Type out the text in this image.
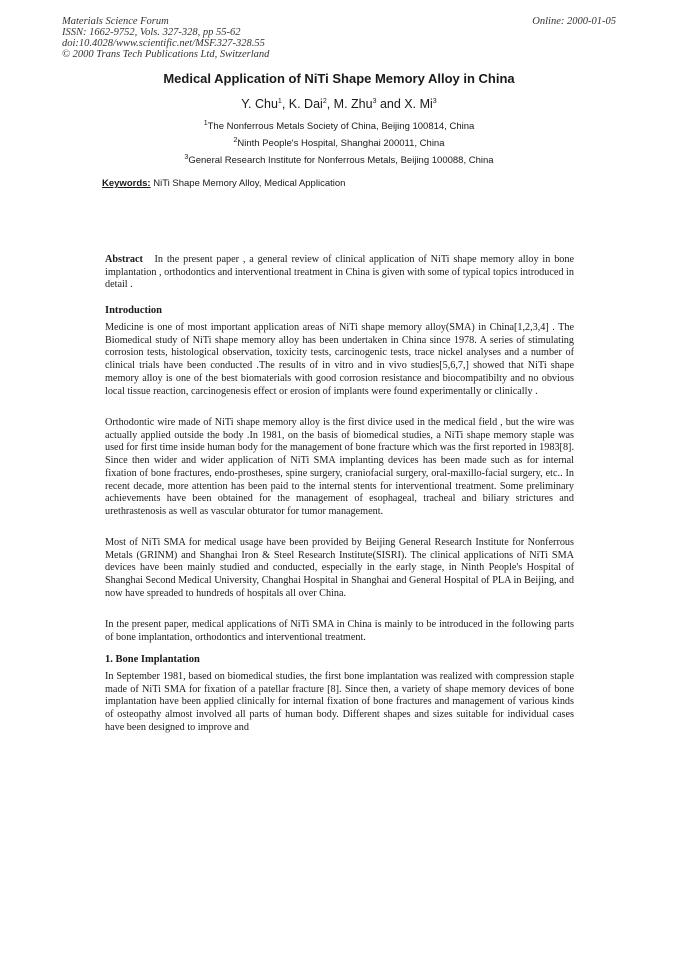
Materials Science Forum
ISSN: 1662-9752, Vols. 327-328, pp 55-62
doi:10.4028/www.scientific.net/MSF.327-328.55
© 2000 Trans Tech Publications Ltd, Switzerland
Online: 2000-01-05
Medical Application of NiTi Shape Memory Alloy in China
Y. Chu$^1$, K. Dai$^2$, M. Zhu$^3$ and X. Mi$^3$
$^1$The Nonferrous Metals Society of China, Beijing 100814, China
$^2$Ninth People's Hospital, Shanghai 200011, China
$^3$General Research Institute for Nonferrous Metals, Beijing 100088, China
Keywords: NiTi Shape Memory Alloy, Medical Application
Abstract In the present paper , a general review of clinical application of NiTi shape memory alloy in bone implantation , orthodontics and interventional treatment in China is given with some of typical topics introduced in detail .
Introduction
Medicine is one of most important application areas of NiTi shape memory alloy(SMA) in China[1,2,3,4] . The Biomedical study of NiTi shape memory alloy has been undertaken in China since 1978. A series of stimulating corrosion tests, histological observation, toxicity tests, carcinogenic tests, trace nickel analyses and a number of clinical trials have been conducted .The results of in vitro and in vivo studies[5,6,7,] showed that NiTi shape memory alloy is one of the best biomaterials with good corrosion resistance and biocompatibilty and no obvious local tissue reaction, carcinogenesis effect or erosion of implants were found experimentally or clinically .
Orthodontic wire made of NiTi shape memory alloy is the first divice used in the medical field , but the wire was actually applied outside the body .In 1981, on the basis of biomedical studies, a NiTi shape memory staple was used for first time inside human body for the management of bone fracture which was the first reported in 1983[8]. Since then wider and wider application of NiTi SMA implanting devices has been made such as for internal fixation of bone fractures, endo-prostheses, spine surgery, craniofacial surgery, oral-maxillo-facial surgery, etc.. In recent decade, more attention has been paid to the internal stents for interventional treatment. Some preliminary achievements have been obtained for the management of esophageal, tracheal and biliary strictures and urethrastenosis as well as vascular obturator for tumor management.
Most of NiTi SMA for medical usage have been provided by Beijing General Research Institute for Nonferrous Metals (GRINM) and Shanghai Iron & Steel Research Institute(SISRI). The clinical applications of NiTi SMA devices have been mainly studied and conducted, especially in the early stage, in Ninth People's Hospital of Shanghai Second Medical University, Changhai Hospital in Shanghai and General Hospital of PLA in Beijing, and now have spreaded to hundreds of hospitals all over China.
In the present paper, medical applications of NiTi SMA in China is mainly to be introduced in the following parts of bone implantation, orthodontics and interventional treatment.
1. Bone Implantation
In September 1981, based on biomedical studies, the first bone implantation was realized with compression staple made of NiTi SMA for fixation of a patellar fracture [8]. Since then, a variety of shape memory devices of bone implantation have been applied clinically for internal fixation of bone fractures and management of various kinds of osteopathy almost involved all parts of human body. Different shapes and sizes suitable for individual cases have been designed to improve and
